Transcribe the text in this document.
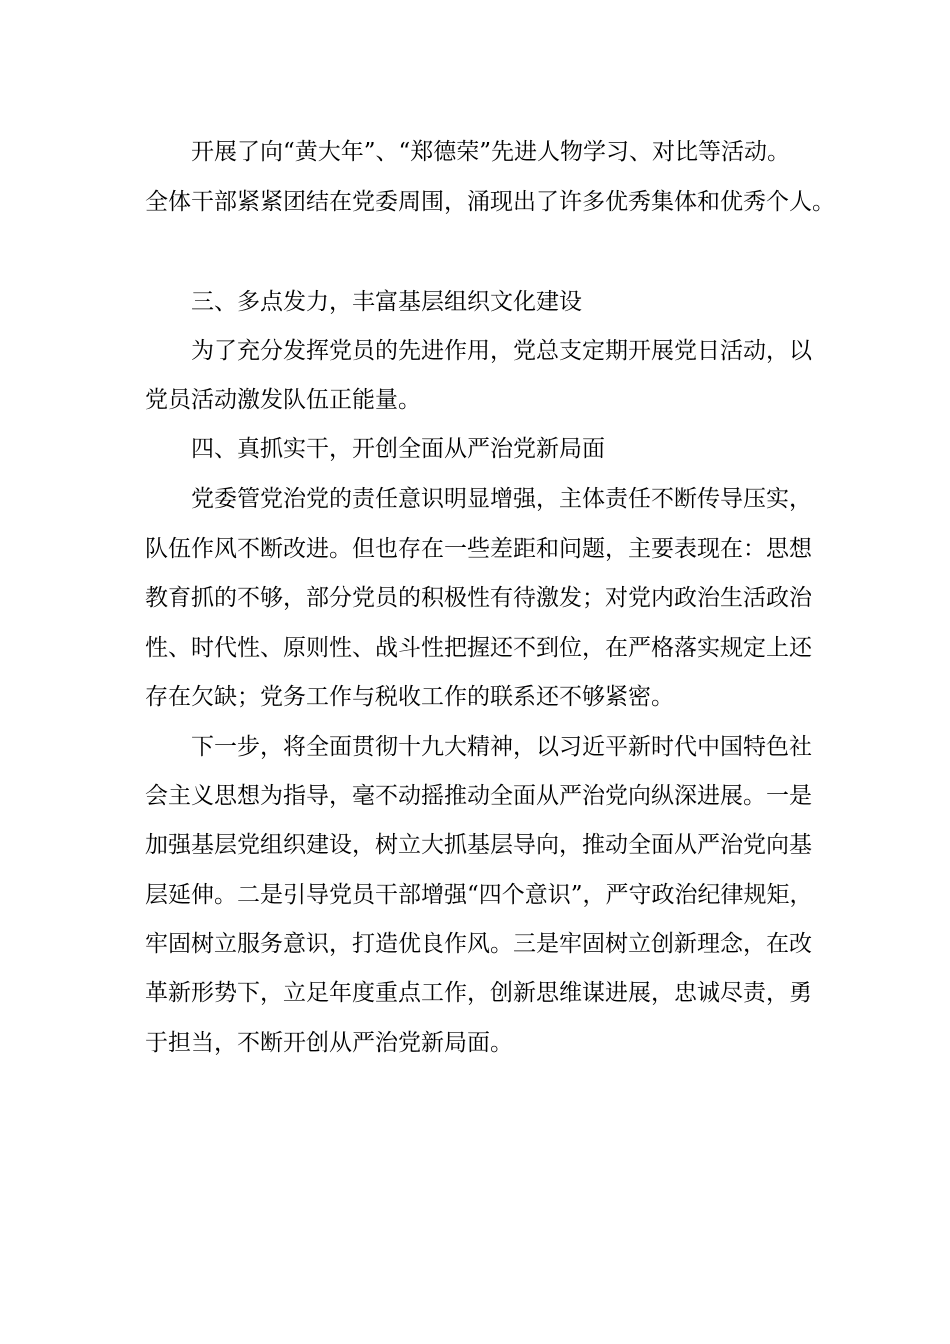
开展了向“黄大年”、“郑德荣”先进人物学习、对比等活动。
全体干部紧紧团结在党委周围，涌现出了许多优秀集体和优秀个人。
三、多点发力，丰富基层组织文化建设
为了充分发挥党员的先进作用，党总支定期开展党日活动，以
党员活动激发队伍正能量。
四、真抓实干，开创全面从严治党新局面
党委管党治党的责任意识明显增强，主体责任不断传导压实，
队伍作风不断改进。但也存在一些差距和问题，主要表现在：思想
教育抓的不够，部分党员的积极性有待激发；对党内政治生活政治
性、时代性、原则性、战斗性把握还不到位，在严格落实规定上还
存在欠缺；党务工作与税收工作的联系还不够紧密。
下一步，将全面贯彻十九大精神，以习近平新时代中国特色社
会主义思想为指导，毫不动摇推动全面从严治党向纵深进展。一是
加强基层党组织建设，树立大抓基层导向，推动全面从严治党向基
层延伸。二是引导党员干部增强“四个意识”，严守政治纪律规矩，
牢固树立服务意识，打造优良作风。三是牢固树立创新理念，在改
革新形势下，立足年度重点工作，创新思维谋进展，忠诚尽责，勇
于担当，不断开创从严治党新局面。
